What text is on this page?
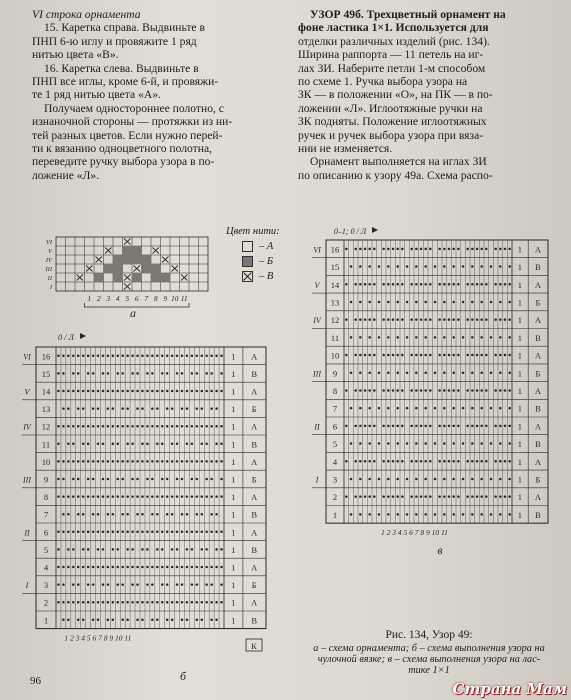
VI строка орнамента

15. Каретка справа. Выдвиньте в

ПНП 6-ю иглу и провяжите 1 ряд

нитью цвета «В».

16. Каретка слева. Выдвиньте в

ПНП все иглы, кроме 6-й, и провяжи-

те 1 ряд нитью цвета «А».

Получаем одностороннее полотно, с

изнаночной стороны — протяжки из ни-

тей разных цветов. Если нужно перей-

ти к вязанию одноцветного полотна,

переведите ручку выбора узора в по-

ложение «Л».

УЗОР 49б. Трехцветный орнамент на

фоне ластика 1×1. Используется для

отделки различных изделий (рис. 134).

Ширина раппорта — 11 петель на иг-

лах ЗИ. Наберите петли 1-м способом

по схеме 1. Ручка выбора узора на

ЗК — в положении «О», на ПК — в по-

ложении «Л». Иглоотяжные ручки на

ЗК подняты. Положение иглоотяжных

ручек и ручек выбора узора при вяза-

нии не изменяется.

Орнамент выполняется на иглах ЗИ

по описанию к узору 49а. Схема распо-

Цвет нити:
– А
– Б
– В
VI
V
IV
III
II
I
1 2 3 4 5 6 7 8 9 10 11
а
16	1 А
VI
15	1 В
14	1 А
V
13	1 Б
12	1 А
IV
11	1 В
10	1 А
9	1 Б
III
8	1 А
7	1 В
6	1 А
II
5	1 В
4	1 А
3	1 Б
I
2	1 А
1	1 В
0 / Л
1 2 3 4 5 6 7 8 9 10 11
К
б
16	1 А
VI
15	1 В
14	1 А
V
13	1 Б
12	1 А
IV
11	1 В
10	1 А
9	1 Б
III
8	1 А
7	1 В
6	1 А
II
5	1 В
4	1 А
3	1 Б
I
2	1 А
1	1 В
0–1; 0 / Л
1 2 3 4 5 6 7 8 9 10 11
в
Рис. 134, Узор 49:
а – схема орнамента; б – схема выполнения узора на
чулочной вязке; в – схема выполнения узора на лас-
тике 1×1
96	Страна Мам
